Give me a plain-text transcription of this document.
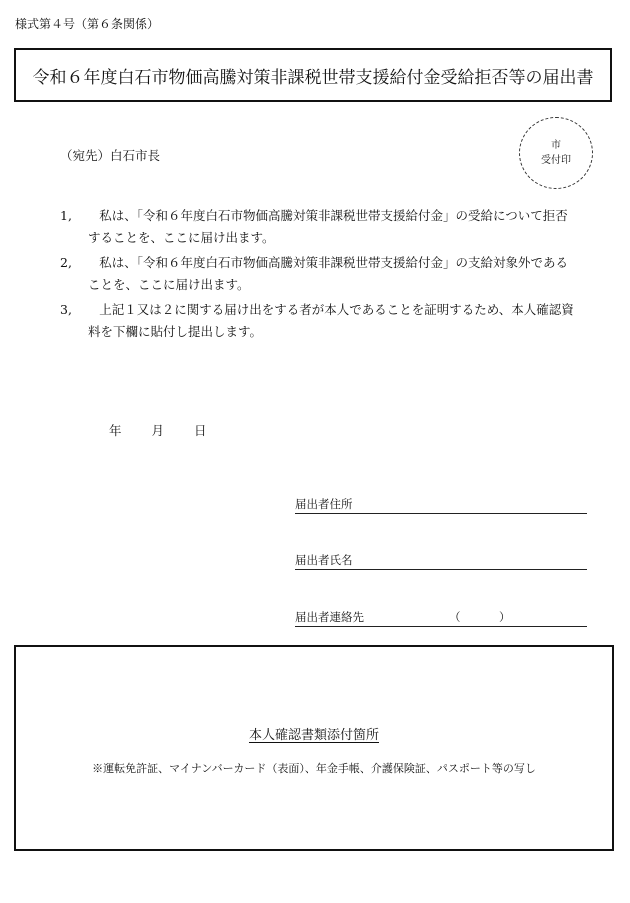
様式第４号（第６条関係）
令和６年度白石市物価高騰対策非課税世帯支援給付金受給拒否等の届出書
（宛先）白石市長
市
受付印
1,	私は、「令和６年度白石市物価高騰対策非課税世帯支援給付金」の受給について拒否することを、ここに届け出ます。
2,	私は、「令和６年度白石市物価高騰対策非課税世帯支援給付金」の支給対象外であることを、ここに届け出ます。
3,	上記１又は２に関する届け出をする者が本人であることを証明するため、本人確認資料を下欄に貼付し提出します。
年 月 日
届出者住所
届出者氏名
届出者連絡先	（	）
本人確認書類添付箇所
※運転免許証、マイナンバーカード（表面）、年金手帳、介護保険証、パスポート等の写し
